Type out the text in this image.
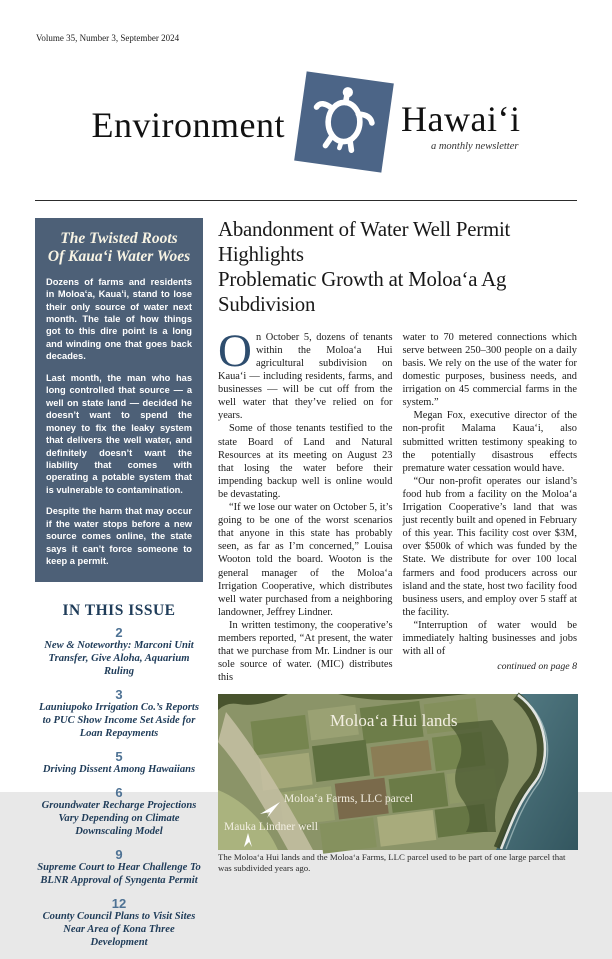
Volume 35, Number 3, September 2024
Environment	Hawaiʻi
a monthly newsletter
The Twisted Roots
Of Kauaʻi Water Woes

Dozens of farms and residents in Moloaʻa, Kauaʻi, stand to lose their only source of water next month. The tale of how things got to this dire point is a long and winding one that goes back decades.

Last month, the man who has long controlled that source — a well on state land — decided he doesn’t want to spend the money to fix the leaky system that delivers the well water, and definitely doesn’t want the liability that comes with operating a potable system that is vulnerable to contamination.

Despite the harm that may occur if the water stops before a new source comes online, the state says it can’t force someone to keep a permit.

IN THIS ISSUE
2
New & Noteworthy: Marconi Unit Transfer, Give Aloha, Aquarium Ruling
3
Launiupoko Irrigation Co.’s Reports to PUC Show Income Set Aside for Loan Repayments
5
Driving Dissent Among Hawaiians
6
Groundwater Recharge Projections Vary Depending on Climate Downscaling Model
9
Supreme Court to Hear Challenge To BLNR Approval of Syngenta Permit
12
County Council Plans to Visit Sites Near Area of Kona Three Development
Abandonment of Water Well Permit Highlights
Problematic Growth at Moloaʻa Ag Subdivision

On October 5, dozens of tenants within the Moloaʻa Hui agricultural subdivision on Kauaʻi — including residents, farms, and businesses — will be cut off from the well water that they’ve relied on for years.

Some of those tenants testified to the state Board of Land and Natural Resources at its meeting on August 23 that losing the water before their impending backup well is online would be devastating.

“If we lose our water on October 5, it’s going to be one of the worst scenarios that anyone in this state has probably seen, as far as I’m concerned,” Louisa Wooton told the board. Wooton is the general manager of the Moloaʻa Irrigation Cooperative, which distributes well water purchased from a neighboring landowner, Jeffrey Lindner.

In written testimony, the cooperative’s members reported, “At present, the water that we purchase from Mr. Lindner is our sole source of water. (MIC) distributes this

water to 70 metered connections which serve between 250–300 people on a daily basis. We rely on the use of the water for domestic purposes, business needs, and irrigation on 45 commercial farms in the system.”

Megan Fox, executive director of the non-profit Malama Kauaʻi, also submitted written testimony speaking to the potentially disastrous effects premature water cessation would have.

“Our non-profit operates our island’s food hub from a facility on the Moloaʻa Irrigation Cooperative’s land that was just recently built and opened in February of this year. This facility cost over $3M, over $500k of which was funded by the State. We distribute for over 100 local farmers and food producers across our island and the state, host two facility food business users, and employ over 5 staff at the facility.

“Interruption of water would be immediately halting businesses and jobs with all of

continued on page 8
Moloaʻa Hui lands
Moloaʻa Farms, LLC parcel
Mauka Lindner well
The Moloaʻa Hui lands and the Moloaʻa Farms, LLC parcel used to be part of one large parcel that was subdivided years ago.
